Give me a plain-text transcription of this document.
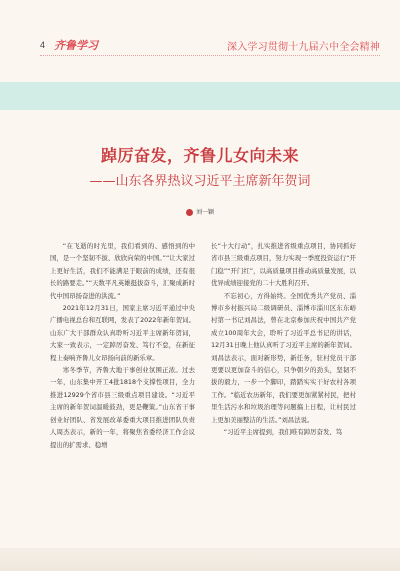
4 齐鲁学习	深入学习贯彻十九届六中全会精神
踔厉奋发，齐鲁儿女向未来
——山东各界热议习近平主席新年贺词
刘一颖

“在飞逝的时光里，我们看到的、感悟到的中国，是一个坚韧不拔、欣欣向荣的中国。”“让大家过上更好生活，我们不能满足于眼前的成绩，还有很长的路要走。”“天数平凡英雄挺拔奋斗，汇聚成新时代中国昂扬奋进的洪流。”

2021年12月31日，国家主席习近平通过中央广播电视总台和互联网，发表了2022年新年贺词。山东广大干部群众认真聆听习近平主席新年贺词，大家一致表示，一定踔厉奋发、笃行不怠，在新征程上奏响齐鲁儿女昂扬向前的新乐章。

寒冬季节，齐鲁大地干事创业氛围正浓。过去一年，山东集中开工4批1818个支撑性项目，全力推进12929个省市县三级重点项目建设。“习近平主席的新年贺词温暖鼓劲，更是鞭策。”山东省干事创业好团队、省发展改革委重大项目推进团队负责人周杰表示，新的一年，将聚焦省委经济工作会议提出的扩需求、稳增

长“十大行动”，扎实推进省级重点项目，协同抓好省市县三级重点项目，努力实现一季度投资运行“开门稳”“开门红”，以高质量项目推动高质量发展，以优异成绩迎接党的二十大胜利召开。

不忘初心，方得始终。全国优秀共产党员、淄博市乡村振兴局二级调研员、淄博市淄川区东东峪村第一书记刘昌法，曾在北京参加庆祝中国共产党成立100周年大会，聆听了习近平总书记的讲话，12月31日晚上他认真听了习近平主席的新年贺词。刘昌法表示，面对新形势，新任务，驻村党员干部更要以更加奋斗的信心，只争朝夕的劲头，坚韧不拔的毅力，一步一个脚印，踏踏实实干好农村各项工作。“临近农历新年，我们要更加紧紧村民，把村里生活污水和垃圾治理等问题搞上日程，让村民过上更加美丽整洁的生活。”刘昌法说。

“习近平主席提到，我们唯有踔厉奋发、笃
